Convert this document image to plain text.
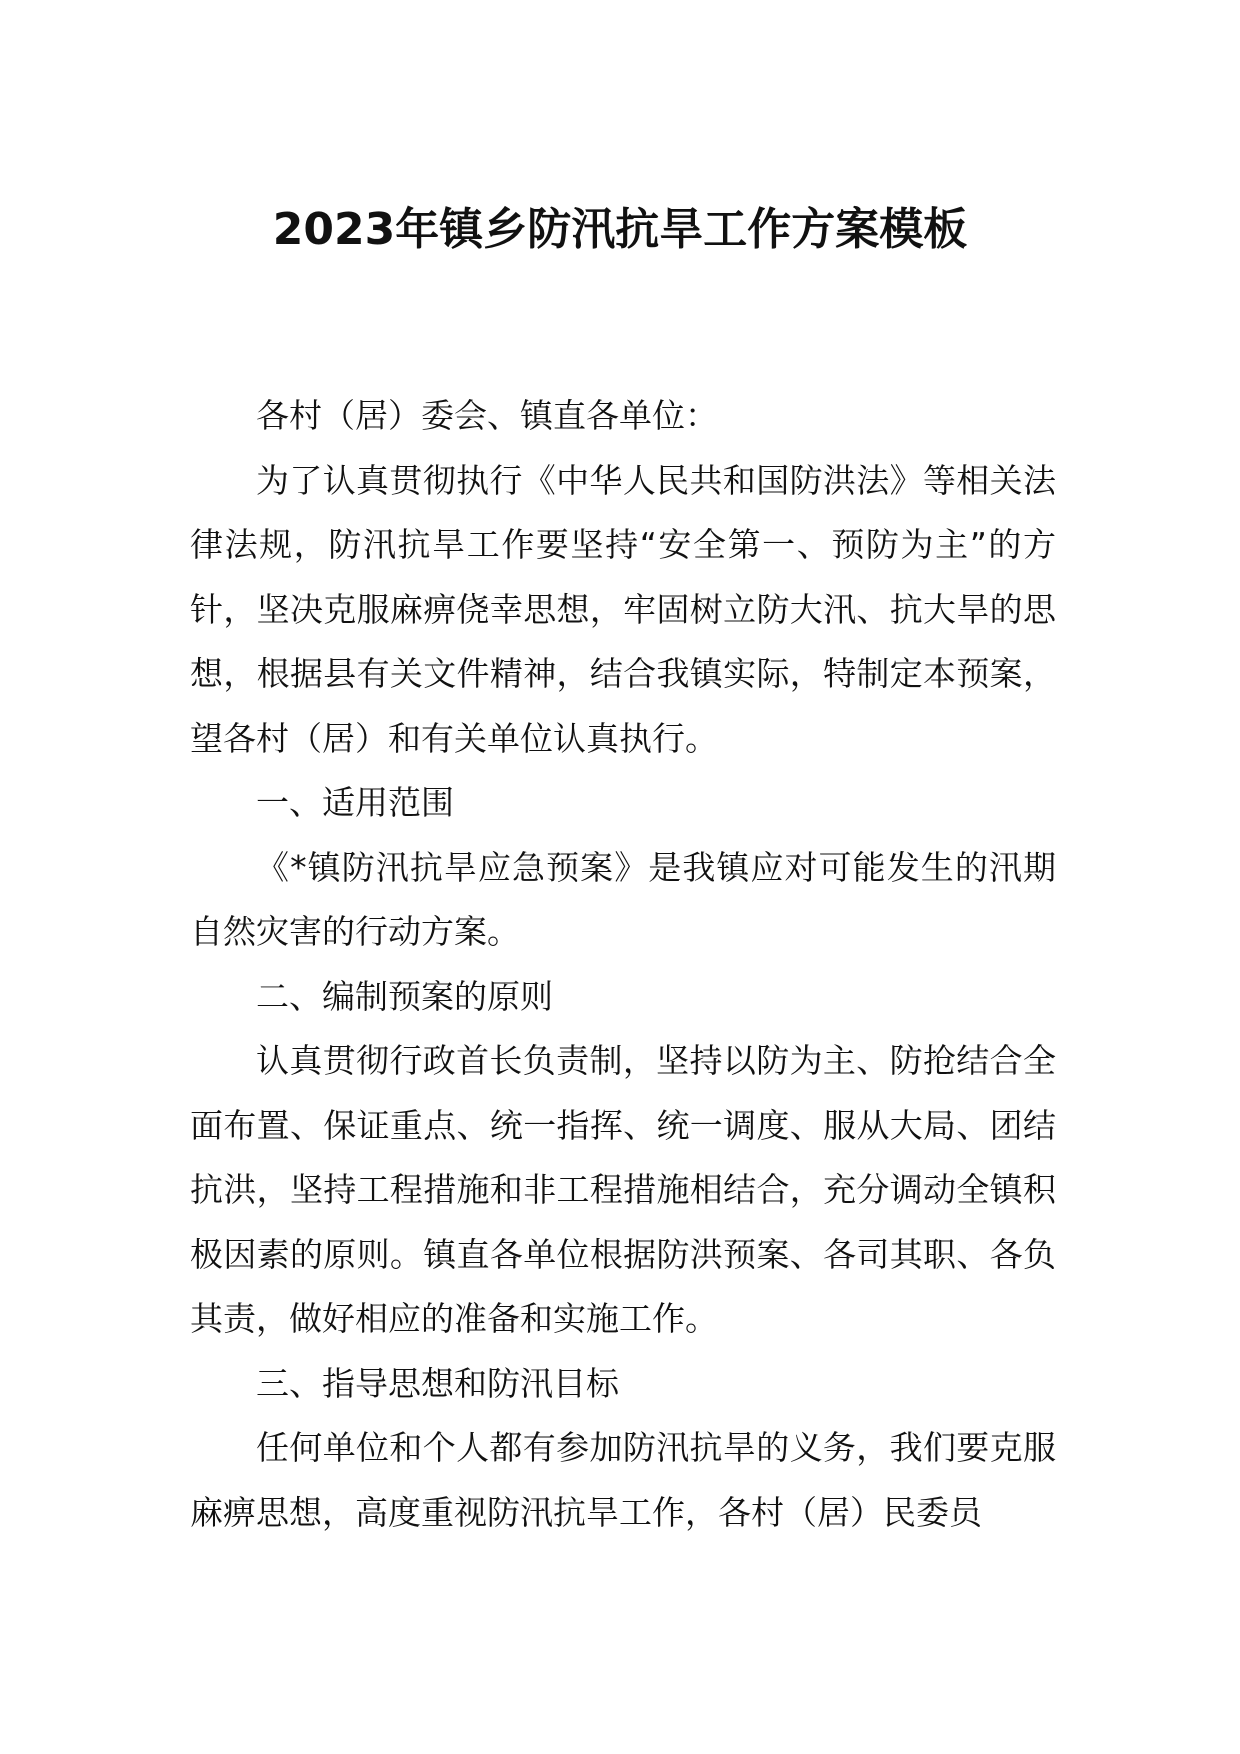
2023年镇乡防汛抗旱工作方案模板

各村（居）委会、镇直各单位：

为了认真贯彻执行《中华人民共和国防洪法》等相关法律法规，防汛抗旱工作要坚持“安全第一、预防为主”的方针，坚决克服麻痹侥幸思想，牢固树立防大汛、抗大旱的思想，根据县有关文件精神，结合我镇实际，特制定本预案，望各村（居）和有关单位认真执行。

一、适用范围

《*镇防汛抗旱应急预案》是我镇应对可能发生的汛期自然灾害的行动方案。

二、编制预案的原则

认真贯彻行政首长负责制，坚持以防为主、防抢结合全面布置、保证重点、统一指挥、统一调度、服从大局、团结抗洪，坚持工程措施和非工程措施相结合，充分调动全镇积极因素的原则。镇直各单位根据防洪预案、各司其职、各负其责，做好相应的准备和实施工作。

三、指导思想和防汛目标

任何单位和个人都有参加防汛抗旱的义务，我们要克服麻痹思想，高度重视防汛抗旱工作，各村（居）民委员
